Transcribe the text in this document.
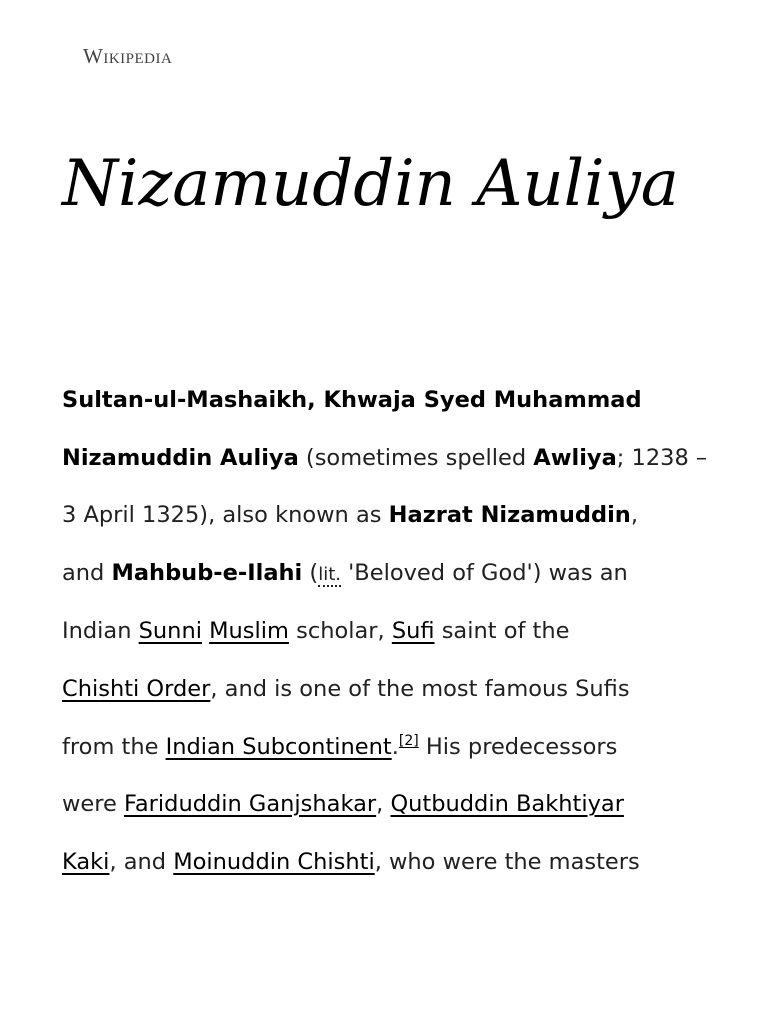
Wikipedia
Nizamuddin Auliya
Sultan-ul-Mashaikh, Khwaja Syed Muhammad
Nizamuddin Auliya (sometimes spelled Awliya; 1238 –
3 April 1325), also known as Hazrat Nizamuddin,
and Mahbub-e-Ilahi (lit. 'Beloved of God') was an
Indian Sunni Muslim scholar, Sufi saint of the
Chishti Order, and is one of the most famous Sufis
from the Indian Subcontinent.[2] His predecessors
were Fariduddin Ganjshakar, Qutbuddin Bakhtiyar
Kaki, and Moinuddin Chishti, who were the masters
